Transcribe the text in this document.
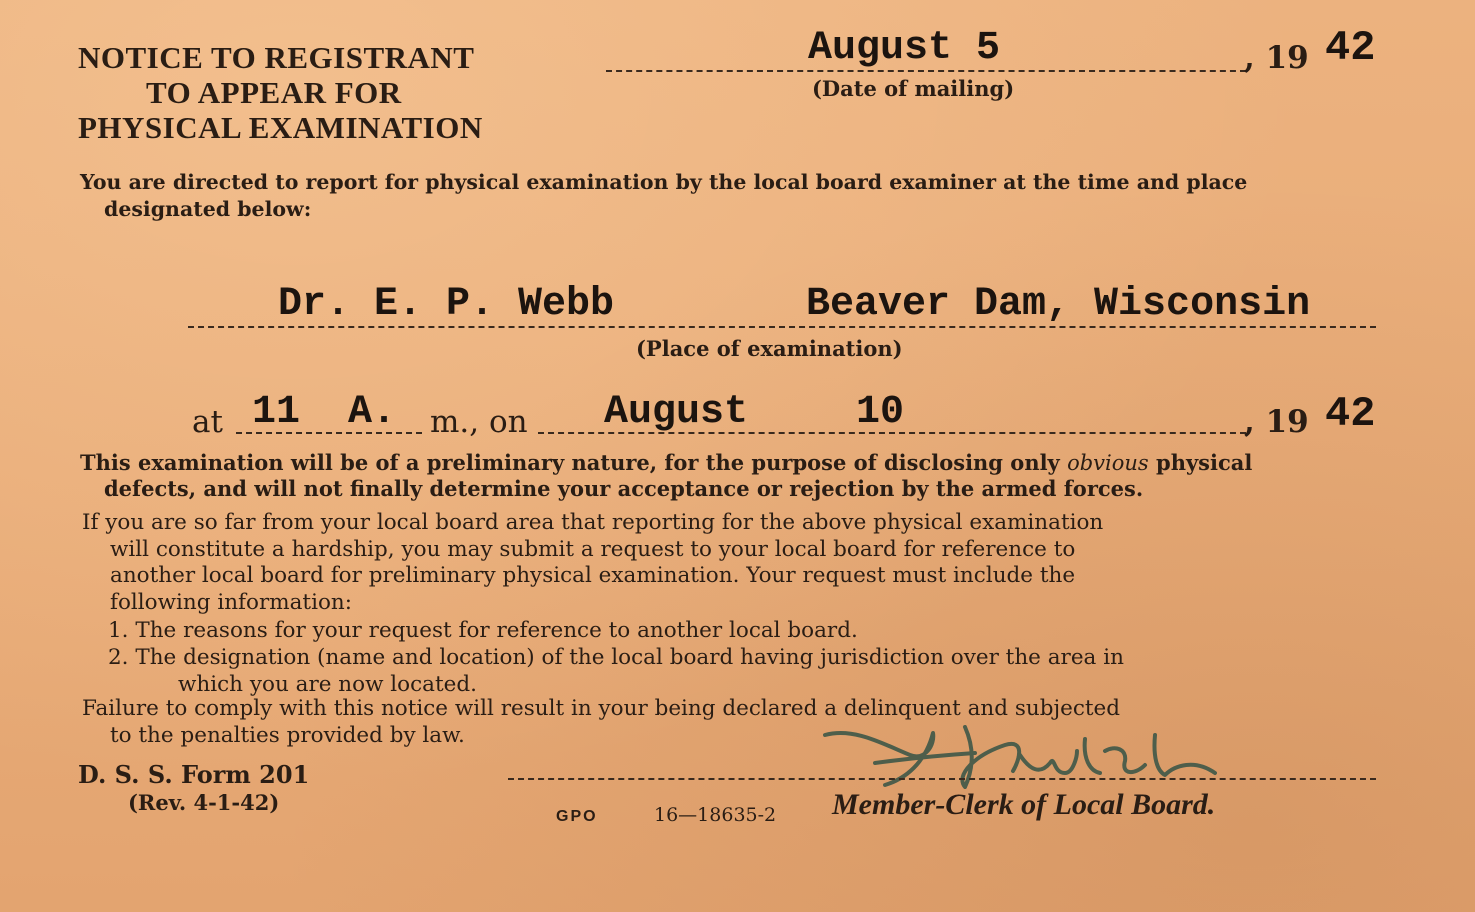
NOTICE TO REGISTRANT
TO APPEAR FOR
PHYSICAL EXAMINATION
August 5	, 19 42
(Date of mailing)
You are directed to report for physical examination by the local board examiner at the time and place
designated below:
Dr. E. P. Webb	Beaver Dam, Wisconsin
(Place of examination)
at 11  A. m., on August	10	, 19 42
This examination will be of a preliminary nature, for the purpose of disclosing only obvious physical
defects, and will not finally determine your acceptance or rejection by the armed forces.
If you are so far from your local board area that reporting for the above physical examination
will constitute a hardship, you may submit a request to your local board for reference to
another local board for preliminary physical examination. Your request must include the
following information:
1. The reasons for your request for reference to another local board.
2. The designation (name and location) of the local board having jurisdiction over the area in
which you are now located.
Failure to comply with this notice will result in your being declared a delinquent and subjected
to the penalties provided by law.
D. S. S. Form 201
(Rev. 4-1-42)
GPO	16—18635-2 Member-Clerk of Local Board.
